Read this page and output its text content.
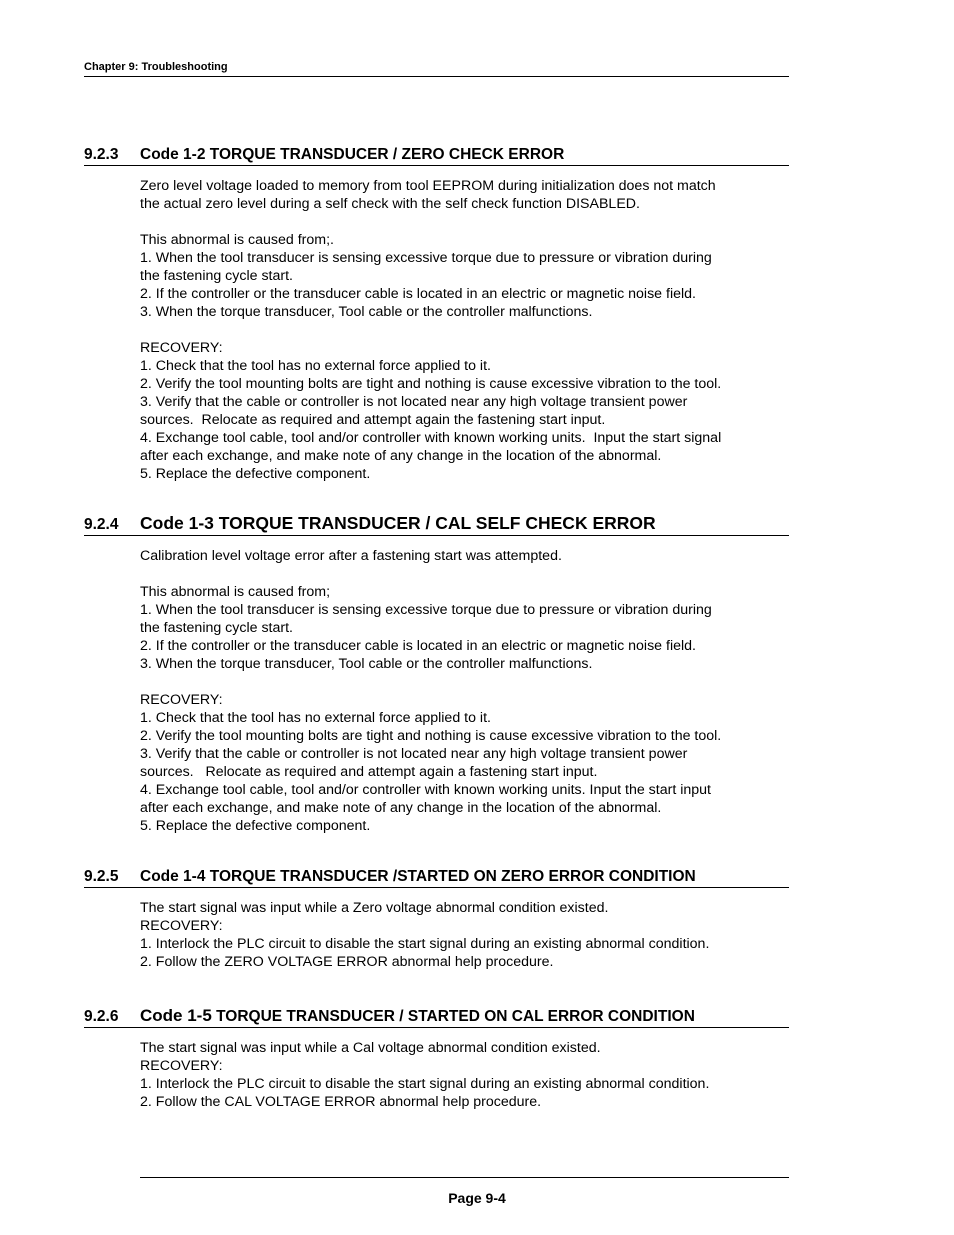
Chapter 9: Troubleshooting
9.2.3	Code 1-2 TORQUE TRANSDUCER / ZERO CHECK ERROR
Zero level voltage loaded to memory from tool EEPROM during initialization does not match
the actual zero level during a self check with the self check function DISABLED.

This abnormal is caused from;.
1. When the tool transducer is sensing excessive torque due to pressure or vibration during
the fastening cycle start.
2. If the controller or the transducer cable is located in an electric or magnetic noise field.
3. When the torque transducer, Tool cable or the controller malfunctions.

RECOVERY:
1. Check that the tool has no external force applied to it.
2. Verify the tool mounting bolts are tight and nothing is cause excessive vibration to the tool.
3. Verify that the cable or controller is not located near any high voltage transient power
sources.  Relocate as required and attempt again the fastening start input.
4. Exchange tool cable, tool and/or controller with known working units.  Input the start signal
after each exchange, and make note of any change in the location of the abnormal.
5. Replace the defective component.
9.2.4	Code 1-3 TORQUE TRANSDUCER / CAL SELF CHECK ERROR
Calibration level voltage error after a fastening start was attempted.

This abnormal is caused from;
1. When the tool transducer is sensing excessive torque due to pressure or vibration during
the fastening cycle start.
2. If the controller or the transducer cable is located in an electric or magnetic noise field.
3. When the torque transducer, Tool cable or the controller malfunctions.

RECOVERY:
1. Check that the tool has no external force applied to it.
2. Verify the tool mounting bolts are tight and nothing is cause excessive vibration to the tool.
3. Verify that the cable or controller is not located near any high voltage transient power
sources.   Relocate as required and attempt again a fastening start input.
4. Exchange tool cable, tool and/or controller with known working units. Input the start input
after each exchange, and make note of any change in the location of the abnormal.
5. Replace the defective component.
9.2.5	Code 1-4 TORQUE TRANSDUCER /STARTED ON ZERO ERROR CONDITION
The start signal was input while a Zero voltage abnormal condition existed.
RECOVERY:
1. Interlock the PLC circuit to disable the start signal during an existing abnormal condition.
2. Follow the ZERO VOLTAGE ERROR abnormal help procedure.
9.2.6	Code 1-5 TORQUE TRANSDUCER / STARTED ON CAL ERROR CONDITION
The start signal was input while a Cal voltage abnormal condition existed.
RECOVERY:
1. Interlock the PLC circuit to disable the start signal during an existing abnormal condition.
2. Follow the CAL VOLTAGE ERROR abnormal help procedure.
Page 9-4
